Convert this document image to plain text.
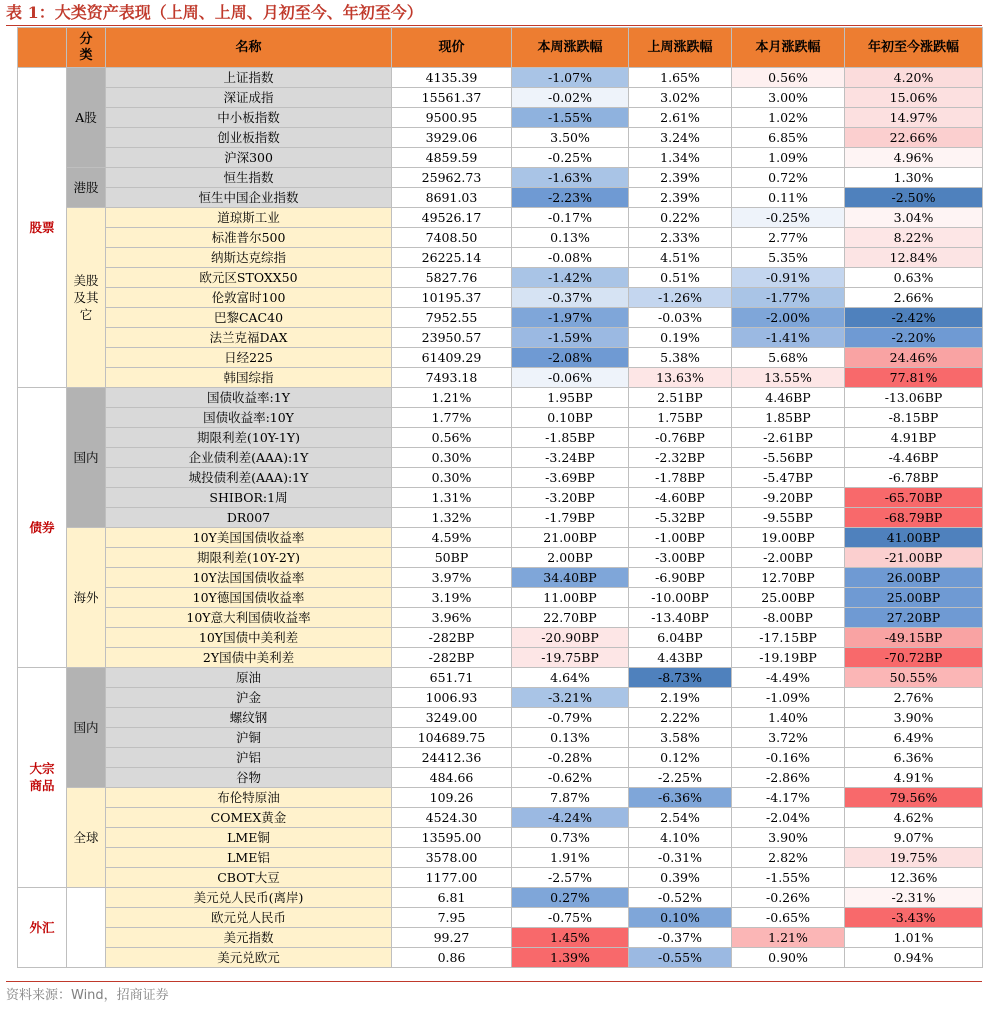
表 1：大类资产表现（上周、上周、月初至今、年初至今）
	分类	名称	现价	本周涨跌幅	上周涨跌幅	本月涨跌幅	年初至今涨跌幅
股票	A股	上证指数	4135.39	-1.07%	1.65%	0.56%	4.20%
		深证成指	15561.37	-0.02%	3.02%	3.00%	15.06%
		中小板指数	9500.95	-1.55%	2.61%	1.02%	14.97%
		创业板指数	3929.06	3.50%	3.24%	6.85%	22.66%
		沪深300	4859.59	-0.25%	1.34%	1.09%	4.96%
	港股	恒生指数	25962.73	-1.63%	2.39%	0.72%	1.30%
		恒生中国企业指数	8691.03	-2.23%	2.39%	0.11%	-2.50%
	美股及其它	道琼斯工业	49526.17	-0.17%	0.22%	-0.25%	3.04%
		标准普尔500	7408.50	0.13%	2.33%	2.77%	8.22%
		纳斯达克综指	26225.14	-0.08%	4.51%	5.35%	12.84%
		欧元区STOXX50	5827.76	-1.42%	0.51%	-0.91%	0.63%
		伦敦富时100	10195.37	-0.37%	-1.26%	-1.77%	2.66%
		巴黎CAC40	7952.55	-1.97%	-0.03%	-2.00%	-2.42%
		法兰克福DAX	23950.57	-1.59%	0.19%	-1.41%	-2.20%
		日经225	61409.29	-2.08%	5.38%	5.68%	24.46%
		韩国综指	7493.18	-0.06%	13.63%	13.55%	77.81%
债券	国内	国债收益率:1Y	1.21%	1.95BP	2.51BP	4.46BP	-13.06BP
		国债收益率:10Y	1.77%	0.10BP	1.75BP	1.85BP	-8.15BP
		期限利差(10Y-1Y)	0.56%	-1.85BP	-0.76BP	-2.61BP	4.91BP
		企业债利差(AAA):1Y	0.30%	-3.24BP	-2.32BP	-5.56BP	-4.46BP
		城投债利差(AAA):1Y	0.30%	-3.69BP	-1.78BP	-5.47BP	-6.78BP
		SHIBOR:1周	1.31%	-3.20BP	-4.60BP	-9.20BP	-65.70BP
		DR007	1.32%	-1.79BP	-5.32BP	-9.55BP	-68.79BP
	海外	10Y美国国债收益率	4.59%	21.00BP	-1.00BP	19.00BP	41.00BP
		期限利差(10Y-2Y)	50BP	2.00BP	-3.00BP	-2.00BP	-21.00BP
		10Y法国国债收益率	3.97%	34.40BP	-6.90BP	12.70BP	26.00BP
		10Y德国国债收益率	3.19%	11.00BP	-10.00BP	25.00BP	25.00BP
		10Y意大利国债收益率	3.96%	22.70BP	-13.40BP	-8.00BP	27.20BP
		10Y国债中美利差	-282BP	-20.90BP	6.04BP	-17.15BP	-49.15BP
		2Y国债中美利差	-282BP	-19.75BP	4.43BP	-19.19BP	-70.72BP
大宗商品	国内	原油	651.71	4.64%	-8.73%	-4.49%	50.55%
		沪金	1006.93	-3.21%	2.19%	-1.09%	2.76%
		螺纹钢	3249.00	-0.79%	2.22%	1.40%	3.90%
		沪铜	104689.75	0.13%	3.58%	3.72%	6.49%
		沪铝	24412.36	-0.28%	0.12%	-0.16%	6.36%
		谷物	484.66	-0.62%	-2.25%	-2.86%	4.91%
	全球	布伦特原油	109.26	7.87%	-6.36%	-4.17%	79.56%
		COMEX黄金	4524.30	-4.24%	2.54%	-2.04%	4.62%
		LME铜	13595.00	0.73%	4.10%	3.90%	9.07%
		LME铝	3578.00	1.91%	-0.31%	2.82%	19.75%
		CBOT大豆	1177.00	-2.57%	0.39%	-1.55%	12.36%
外汇		美元兑人民币(离岸)	6.81	0.27%	-0.52%	-0.26%	-2.31%
		欧元兑人民币	7.95	-0.75%	0.10%	-0.65%	-3.43%
		美元指数	99.27	1.45%	-0.37%	1.21%	1.01%
		美元兑欧元	0.86	1.39%	-0.55%	0.90%	0.94%
资料来源：Wind，招商证券
